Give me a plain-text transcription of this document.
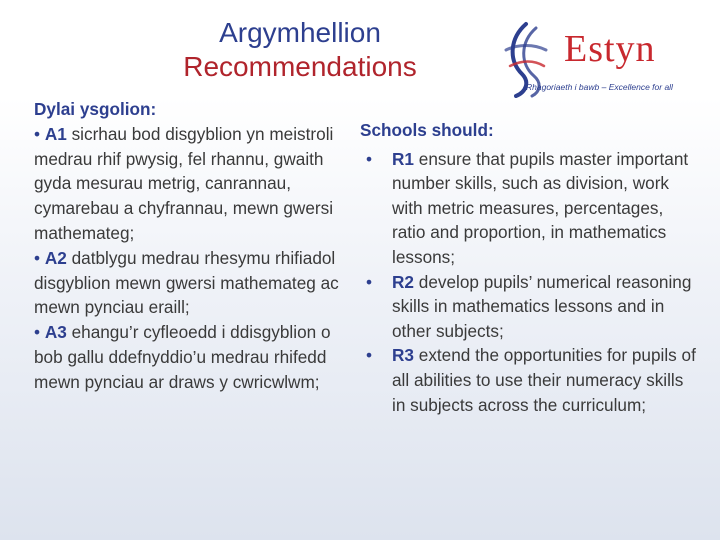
Argymhellion
Recommendations	Estyn
Rhagoriaeth i bawb – Excellence for all
Dylai ysgolion:

• A1 sicrhau bod disgyblion yn meistroli medrau rhif pwysig, fel rhannu, gwaith gyda mesurau metrig, canrannau, cymarebau a chyfrannau, mewn gwersi mathemateg;

• A2 datblygu medrau rhesymu rhifiadol disgyblion mewn gwersi mathemateg ac mewn pynciau eraill;

• A3 ehangu’r cyfleoedd i ddisgyblion o bob gallu ddefnyddio’u medrau rhifedd mewn pynciau ar draws y cwricwlwm;

Schools should:
• R1 ensure that pupils master important number skills, such as division, work with metric measures, percentages, ratio and proportion, in mathematics lessons;
• R2 develop pupils’ numerical reasoning skills in mathematics lessons and in other subjects;
• R3 extend the opportunities for pupils of all abilities to use their numeracy skills in subjects across the curriculum;
